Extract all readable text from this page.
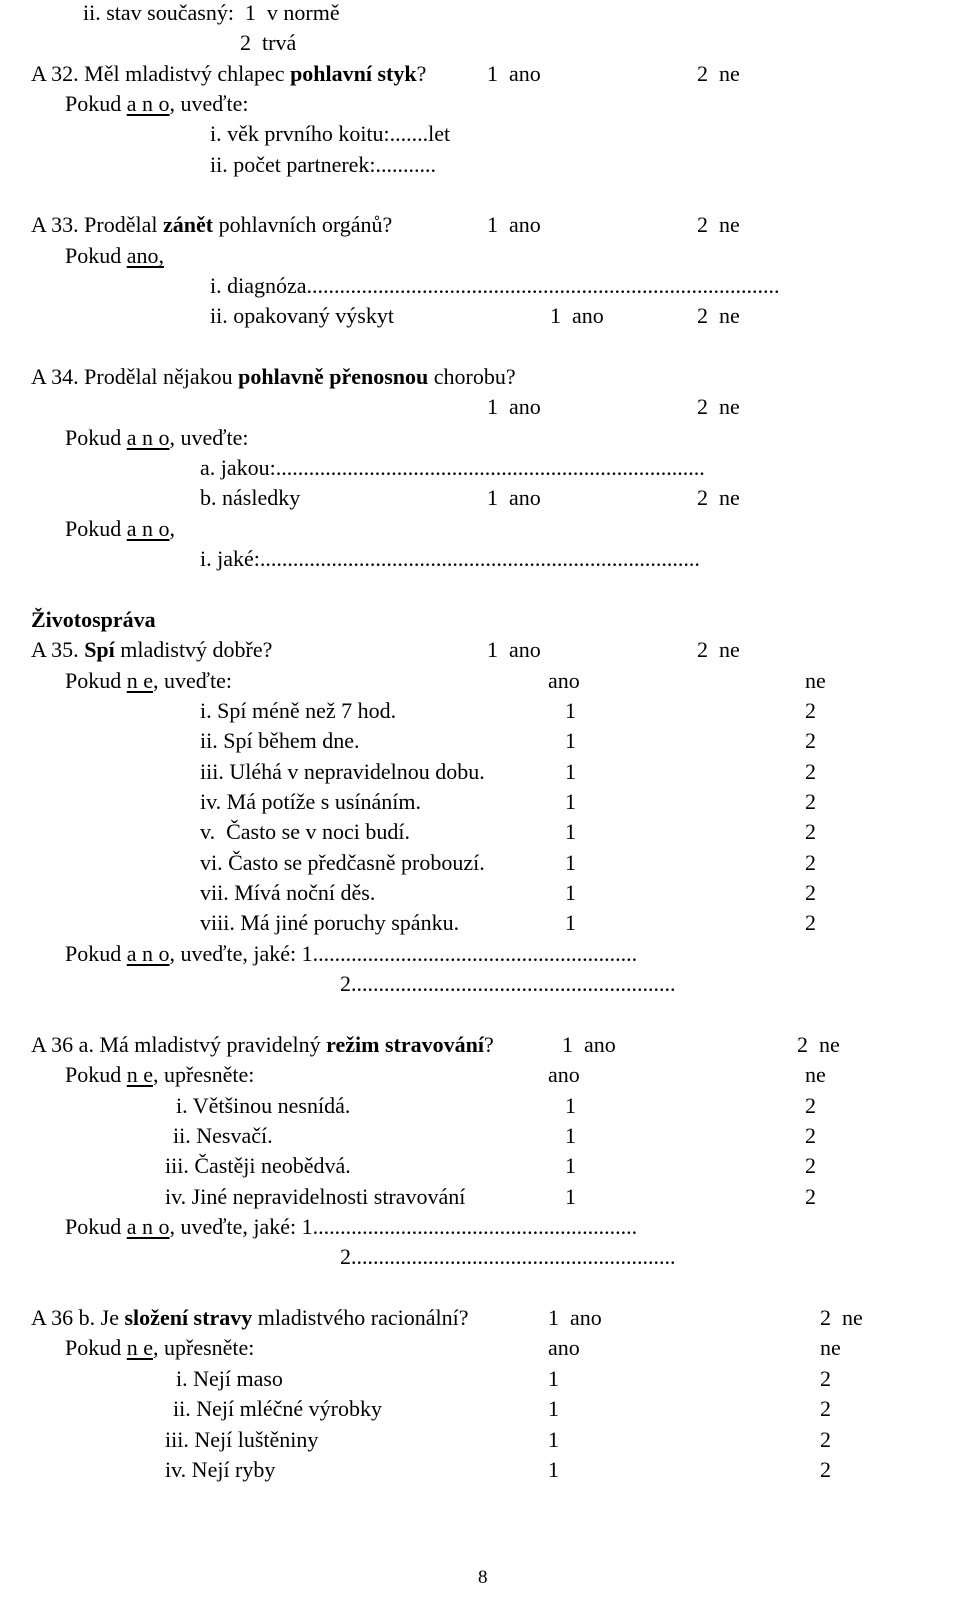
ii. stav současný:  1  v normě
2  trvá
A 32. Měl mladistvý chlapec pohlavní styk?	1  ano	2  ne
Pokud a n o, uveďte:
i. věk prvního koitu:.......let
ii. počet partnerek:...........
A 33. Prodělal zánět pohlavních orgánů?	1  ano	2  ne
Pokud ano,
i. diagnóza......................................................................................
ii. opakovaný výskyt	1  ano	2  ne
A 34. Prodělal nějakou pohlavně přenosnou chorobu?
1  ano	2  ne
Pokud a n o, uveďte:
a. jakou:..............................................................................
b. následky	1  ano	2  ne
Pokud a n o,
i. jaké:................................................................................
Životospráva
A 35. Spí mladistvý dobře?	1  ano	2  ne
Pokud n e, uveďte:	ano	ne
i. Spí méně než 7 hod.	1	2
ii. Spí během dne.	1	2
iii. Uléhá v nepravidelnou dobu.	1	2
iv. Má potíže s usínáním.	1	2
v.  Často se v noci budí.	1	2
vi. Často se předčasně probouzí.	1	2
vii. Mívá noční děs.	1	2
viii. Má jiné poruchy spánku.	1	2
Pokud a n o, uveďte, jaké: 1...........................................................
2...........................................................
A 36 a. Má mladistvý pravidelný režim stravování?	1  ano	2  ne
Pokud n e, upřesněte:	ano	ne
i. Většinou nesnídá.	1	2
ii. Nesvačí.	1	2
iii. Častěji neobědvá.	1	2
iv. Jiné nepravidelnosti stravování	1	2
Pokud a n o, uveďte, jaké: 1...........................................................
2...........................................................
A 36 b. Je složení stravy mladistvého racionální?	1  ano	2  ne
Pokud n e, upřesněte:	ano	ne
i. Nejí maso	1	2
ii. Nejí mléčné výrobky	1	2
iii. Nejí luštěniny	1	2
iv. Nejí ryby	1	2
8
